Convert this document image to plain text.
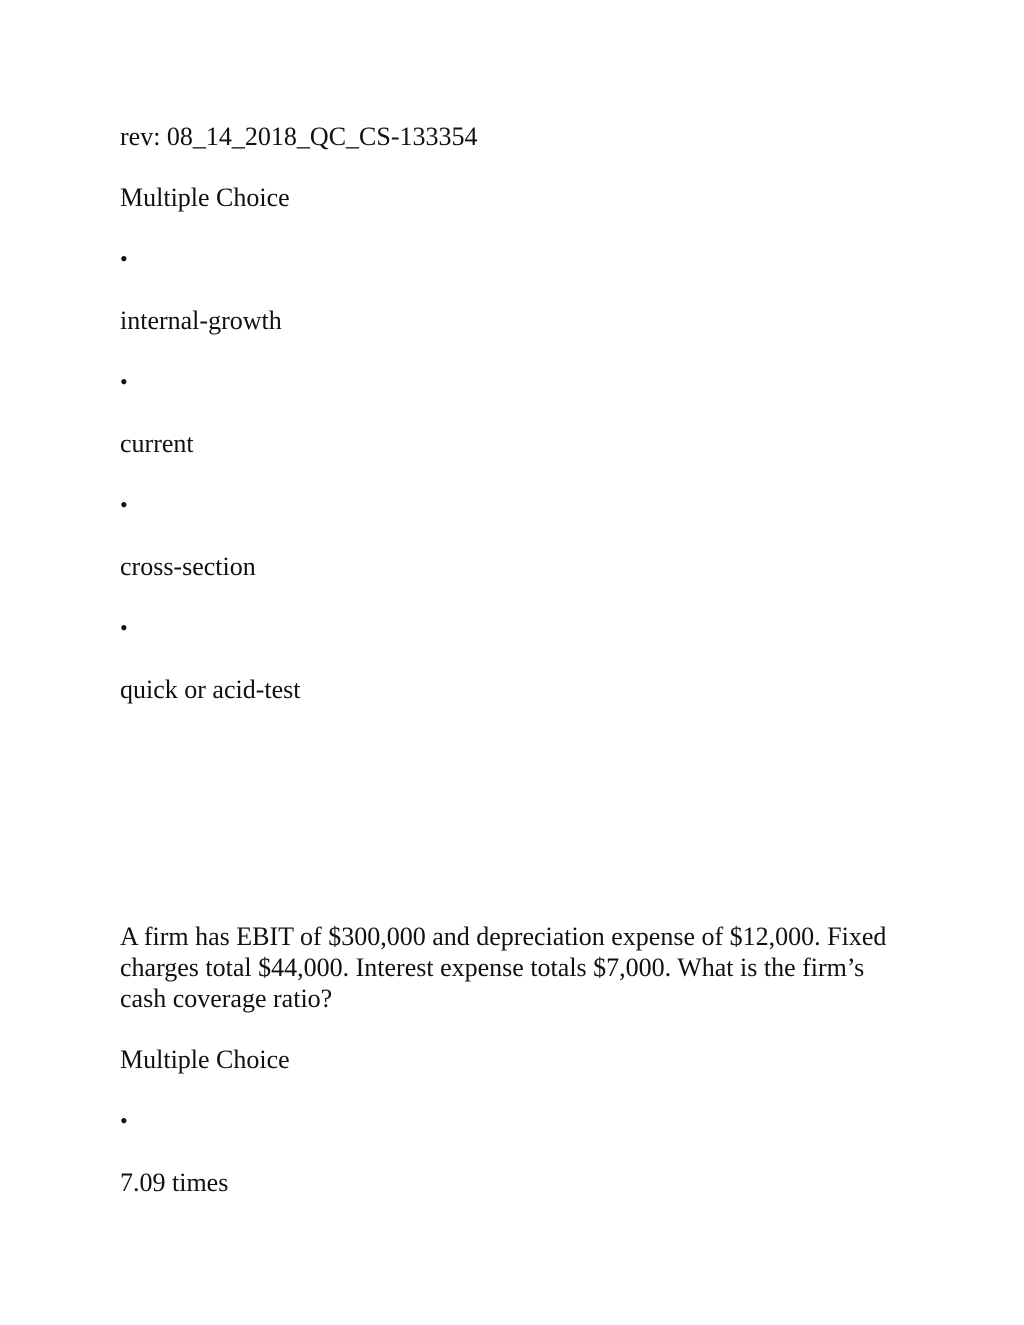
rev: 08_14_2018_QC_CS-133354
Multiple Choice
•
internal-growth
•
current
•
cross-section
•
quick or acid-test
A firm has EBIT of $300,000 and depreciation expense of $12,000. Fixed charges total $44,000. Interest expense totals $7,000. What is the firm’s cash coverage ratio?
Multiple Choice
•
7.09 times
